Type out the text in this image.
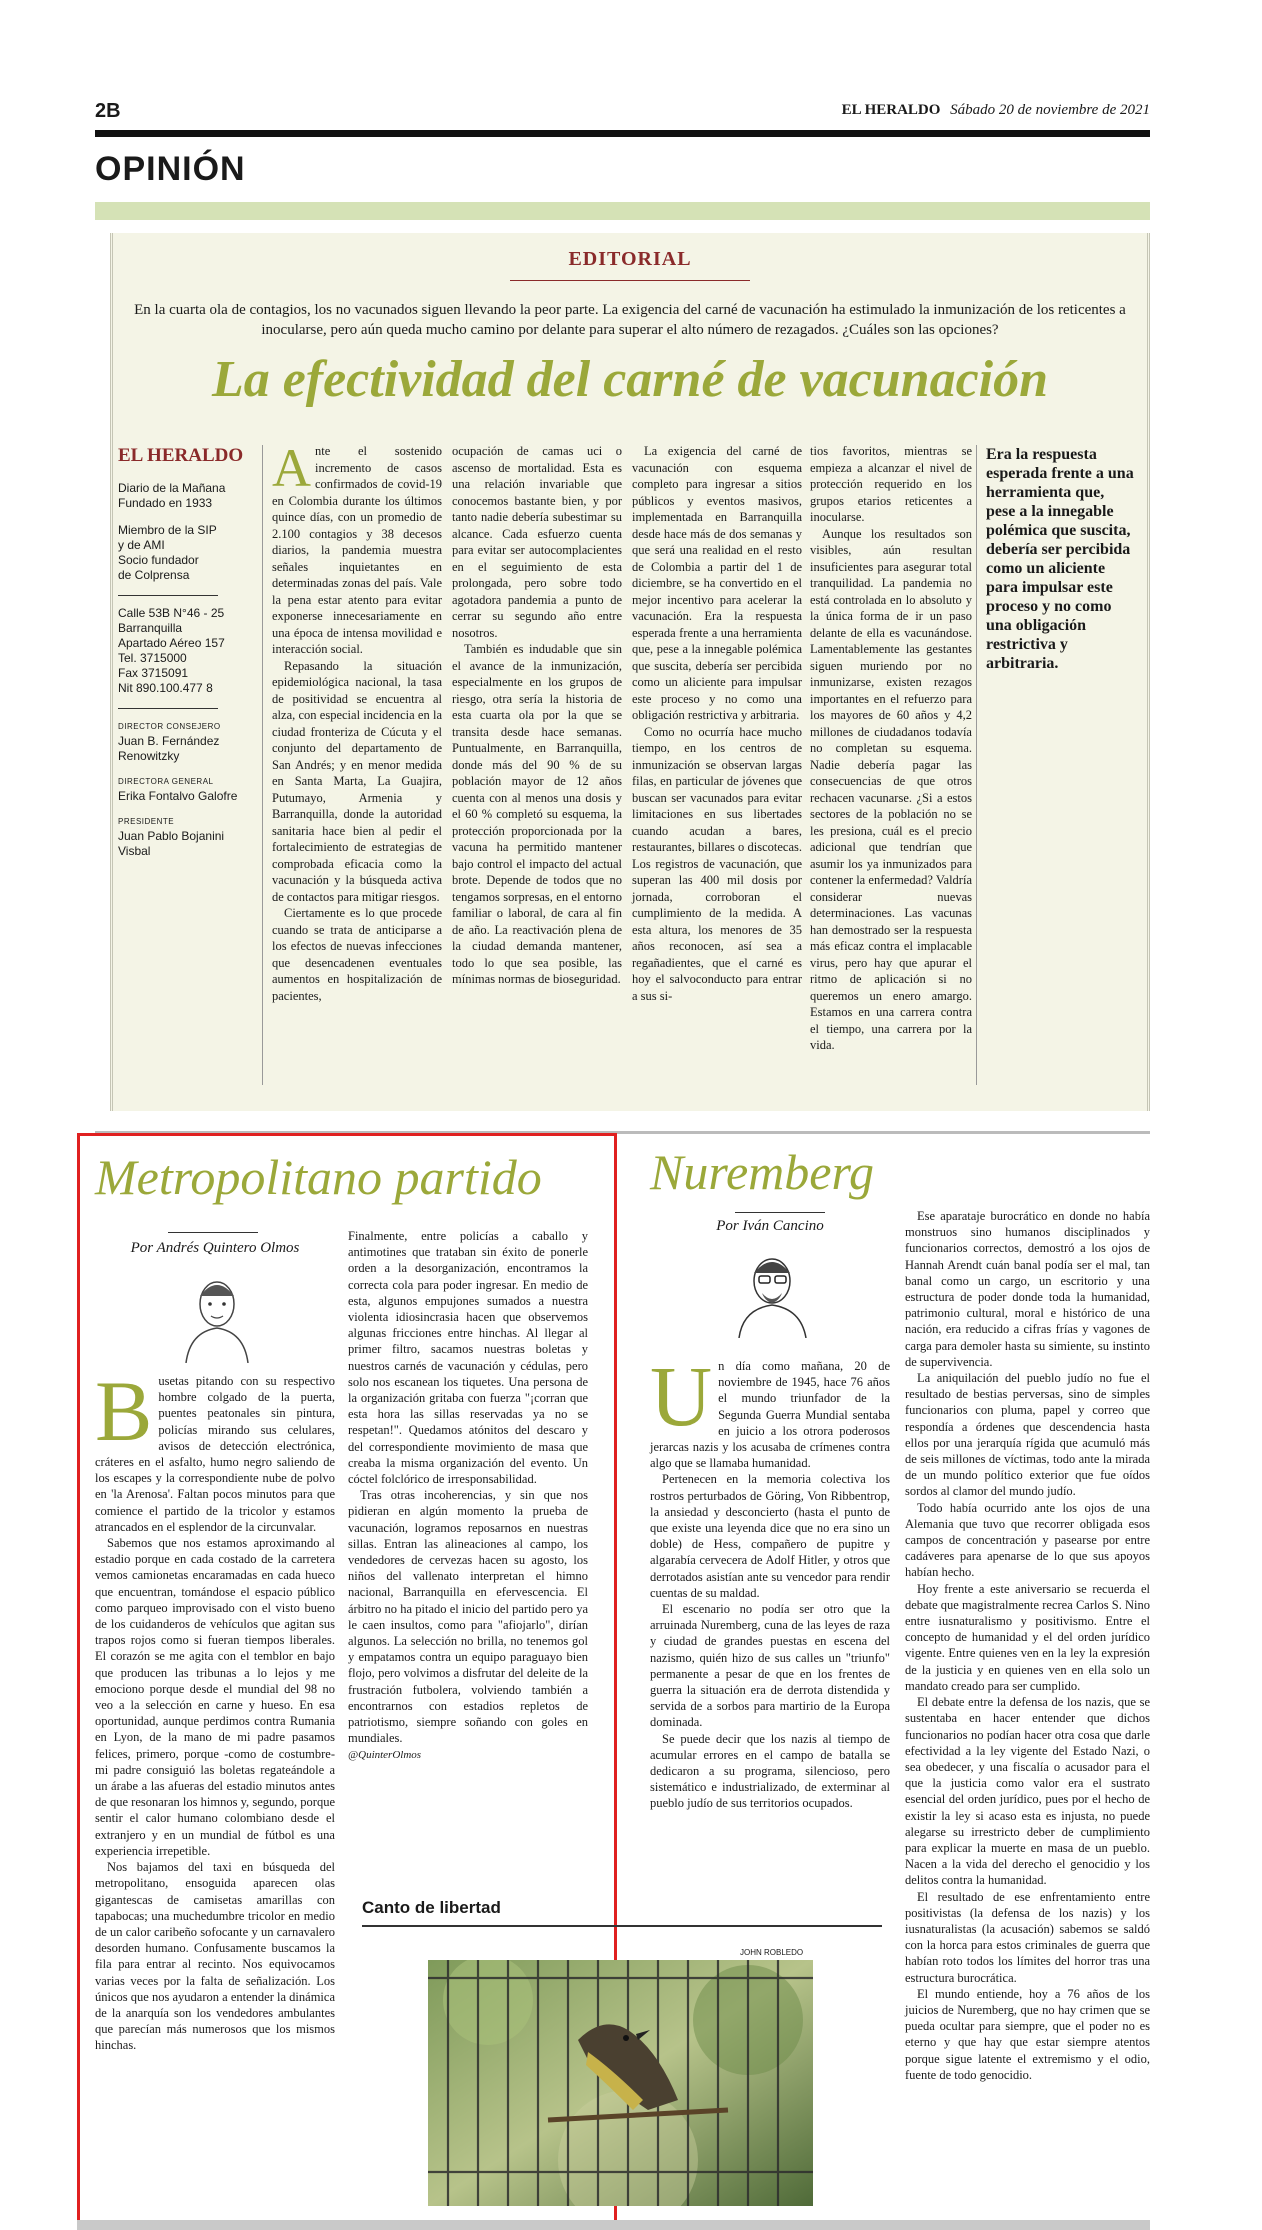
2B	EL HERALDO Sábado 20 de noviembre de 2021
OPINIÓN
EDITORIAL
En la cuarta ola de contagios, los no vacunados siguen llevando la peor parte. La exigencia del carné de vacunación ha estimulado la inmunización de los reticentes a inocularse, pero aún queda mucho camino por delante para superar el alto número de rezagados. ¿Cuáles son las opciones?
La efectividad del carné de vacunación
EL HERALDO

Diario de la Mañana
Fundado en 1933

Miembro de la SIP
y de AMI
Socio fundador
de Colprensa

Calle 53B N°46 - 25
Barranquilla
Apartado Aéreo 157
Tel. 3715000
Fax 3715091
Nit 890.100.477 8

DIRECTOR CONSEJERO
Juan B. Fernández Renowitzky
DIRECTORA GENERAL
Erika Fontalvo Galofre
PRESIDENTE
Juan Pablo Bojanini Visbal

Ante el sostenido incremento de casos confirmados de covid-19 en Colombia durante los últimos quince días, con un promedio de 2.100 contagios y 38 decesos diarios, la pandemia muestra señales inquietantes en determinadas zonas del país. Vale la pena estar atento para evitar exponerse innecesariamente en una época de intensa movilidad e interacción social.

Repasando la situación epidemiológica nacional, la tasa de positividad se encuentra al alza, con especial incidencia en la ciudad fronteriza de Cúcuta y el conjunto del departamento de San Andrés; y en menor medida en Santa Marta, La Guajira, Putumayo, Armenia y Barranquilla, donde la autoridad sanitaria hace bien al pedir el fortalecimiento de estrategias de comprobada eficacia como la vacunación y la búsqueda activa de contactos para mitigar riesgos.

Ciertamente es lo que procede cuando se trata de anticiparse a los efectos de nuevas infecciones que desencadenen eventuales aumentos en hospitalización de pacientes,

ocupación de camas uci o ascenso de mortalidad. Esta es una relación invariable que conocemos bastante bien, y por tanto nadie debería subestimar su alcance. Cada esfuerzo cuenta para evitar ser autocomplacientes en el seguimiento de esta prolongada, pero sobre todo agotadora pandemia a punto de cerrar su segundo año entre nosotros.

También es indudable que sin el avance de la inmunización, especialmente en los grupos de riesgo, otra sería la historia de esta cuarta ola por la que se transita desde hace semanas. Puntualmente, en Barranquilla, donde más del 90 % de su población mayor de 12 años cuenta con al menos una dosis y el 60 % completó su esquema, la protección proporcionada por la vacuna ha permitido mantener bajo control el impacto del actual brote. Depende de todos que no tengamos sorpresas, en el entorno familiar o laboral, de cara al fin de año. La reactivación plena de la ciudad demanda mantener, todo lo que sea posible, las mínimas normas de bioseguridad.

La exigencia del carné de vacunación con esquema completo para ingresar a sitios públicos y eventos masivos, implementada en Barranquilla desde hace más de dos semanas y que será una realidad en el resto de Colombia a partir del 1 de diciembre, se ha convertido en el mejor incentivo para acelerar la vacunación. Era la respuesta esperada frente a una herramienta que, pese a la innegable polémica que suscita, debería ser percibida como un aliciente para impulsar este proceso y no como una obligación restrictiva y arbitraria.

Como no ocurría hace mucho tiempo, en los centros de inmunización se observan largas filas, en particular de jóvenes que buscan ser vacunados para evitar limitaciones en sus libertades cuando acudan a bares, restaurantes, billares o discotecas. Los registros de vacunación, que superan las 400 mil dosis por jornada, corroboran el cumplimiento de la medida. A esta altura, los menores de 35 años reconocen, así sea a regañadientes, que el carné es hoy el salvoconducto para entrar a sus si-

tios favoritos, mientras se empieza a alcanzar el nivel de protección requerido en los grupos etarios reticentes a inocularse.

Aunque los resultados son visibles, aún resultan insuficientes para asegurar total tranquilidad. La pandemia no está controlada en lo absoluto y la única forma de ir un paso delante de ella es vacunándose. Lamentablemente las gestantes siguen muriendo por no inmunizarse, existen rezagos importantes en el refuerzo para los mayores de 60 años y 4,2 millones de ciudadanos todavía no completan su esquema. Nadie debería pagar las consecuencias de que otros rechacen vacunarse. ¿Si a estos sectores de la población no se les presiona, cuál es el precio adicional que tendrían que asumir los ya inmunizados para contener la enfermedad? Valdría considerar nuevas determinaciones. Las vacunas han demostrado ser la respuesta más eficaz contra el implacable virus, pero hay que apurar el ritmo de aplicación si no queremos un enero amargo. Estamos en una carrera contra el tiempo, una carrera por la vida.

Era la respuesta esperada frente a una herramienta que, pese a la innegable polémica que suscita, debería ser percibida como un aliciente para impulsar este proceso y no como una obligación restrictiva y arbitraria.
Metropolitano partido
Por Andrés Quintero Olmos

Busetas pitando con su respectivo hombre colgado de la puerta, puentes peatonales sin pintura, policías mirando sus celulares, avisos de detección electrónica, cráteres en el asfalto, humo negro saliendo de los escapes y la correspondiente nube de polvo en 'la Arenosa'. Faltan pocos minutos para que comience el partido de la tricolor y estamos atrancados en el esplendor de la circunvalar.

Sabemos que nos estamos aproximando al estadio porque en cada costado de la carretera vemos camionetas encaramadas en cada hueco que encuentran, tomándose el espacio público como parqueo improvisado con el visto bueno de los cuidanderos de vehículos que agitan sus trapos rojos como si fueran tiempos liberales. El corazón se me agita con el temblor en bajo que producen las tribunas a lo lejos y me emociono porque desde el mundial del 98 no veo a la selección en carne y hueso. En esa oportunidad, aunque perdimos contra Rumania en Lyon, de la mano de mi padre pasamos felices, primero, porque -como de costumbre- mi padre consiguió las boletas regateándole a un árabe a las afueras del estadio minutos antes de que resonaran los himnos y, segundo, porque sentir el calor humano colombiano desde el extranjero y en un mundial de fútbol es una experiencia irrepetible.

Nos bajamos del taxi en búsqueda del metropolitano, ensoguida aparecen olas gigantescas de camisetas amarillas con tapabocas; una muchedumbre tricolor en medio de un calor caribeño sofocante y un carnavalero desorden humano. Confusamente buscamos la fila para entrar al recinto. Nos equivocamos varias veces por la falta de señalización. Los únicos que nos ayudaron a entender la dinámica de la anarquía son los vendedores ambulantes que parecían más numerosos que los mismos hinchas.

Finalmente, entre policías a caballo y antimotines que trataban sin éxito de ponerle orden a la desorganización, encontramos la correcta cola para poder ingresar. En medio de esta, algunos empujones sumados a nuestra violenta idiosincrasia hacen que observemos algunas fricciones entre hinchas. Al llegar al primer filtro, sacamos nuestras boletas y nuestros carnés de vacunación y cédulas, pero solo nos escanean los tiquetes. Una persona de la organización gritaba con fuerza "¡corran que esta hora las sillas reservadas ya no se respetan!". Quedamos atónitos del descaro y del correspondiente movimiento de masa que creaba la misma organización del evento. Un cóctel folclórico de irresponsabilidad.

Tras otras incoherencias, y sin que nos pidieran en algún momento la prueba de vacunación, logramos reposarnos en nuestras sillas. Entran las alineaciones al campo, los vendedores de cervezas hacen su agosto, los niños del vallenato interpretan el himno nacional, Barranquilla en efervescencia. El árbitro no ha pitado el inicio del partido pero ya le caen insultos, como para "afiojarlo", dirían algunos. La selección no brilla, no tenemos gol y empatamos contra un equipo paraguayo bien flojo, pero volvimos a disfrutar del deleite de la frustración futbolera, volviendo también a encontrarnos con estadios repletos de patriotismo, siempre soñando con goles en mundiales.

@QuinterOlmos

Canto de libertad
JOHN ROBLEDO
Nuremberg
Por Iván Cancino

Un día como mañana, 20 de noviembre de 1945, hace 76 años el mundo triunfador de la Segunda Guerra Mundial sentaba en juicio a los otrora poderosos jerarcas nazis y los acusaba de crímenes contra algo que se llamaba humanidad.

Pertenecen en la memoria colectiva los rostros perturbados de Göring, Von Ribbentrop, la ansiedad y desconcierto (hasta el punto de que existe una leyenda dice que no era sino un doble) de Hess, compañero de pupitre y algarabía cervecera de Adolf Hitler, y otros que derrotados asistían ante su vencedor para rendir cuentas de su maldad.

El escenario no podía ser otro que la arruinada Nuremberg, cuna de las leyes de raza y ciudad de grandes puestas en escena del nazismo, quién hizo de sus calles un "triunfo" permanente a pesar de que en los frentes de guerra la situación era de derrota distendida y servida de a sorbos para martirio de la Europa dominada.

Se puede decir que los nazis al tiempo de acumular errores en el campo de batalla se dedicaron a su programa, silencioso, pero sistemático e industrializado, de exterminar al pueblo judío de sus territorios ocupados.

Ese aparataje burocrático en donde no había monstruos sino humanos disciplinados y funcionarios correctos, demostró a los ojos de Hannah Arendt cuán banal podía ser el mal, tan banal como un cargo, un escritorio y una estructura de poder donde toda la humanidad, patrimonio cultural, moral e histórico de una nación, era reducido a cifras frías y vagones de carga para demoler hasta su simiente, su instinto de supervivencia.

La aniquilación del pueblo judío no fue el resultado de bestias perversas, sino de simples funcionarios con pluma, papel y correo que respondía a órdenes que descendencia hasta ellos por una jerarquía rígida que acumuló más de seis millones de víctimas, todo ante la mirada de un mundo político exterior que fue oídos sordos al clamor del mundo judío.

Todo había ocurrido ante los ojos de una Alemania que tuvo que recorrer obligada esos campos de concentración y pasearse por entre cadáveres para apenarse de lo que sus apoyos habían hecho.

Hoy frente a este aniversario se recuerda el debate que magistralmente recrea Carlos S. Nino entre iusnaturalismo y positivismo. Entre el concepto de humanidad y el del orden jurídico vigente. Entre quienes ven en la ley la expresión de la justicia y en quienes ven en ella solo un mandato creado para ser cumplido.

El debate entre la defensa de los nazis, que se sustentaba en hacer entender que dichos funcionarios no podían hacer otra cosa que darle efectividad a la ley vigente del Estado Nazi, o sea obedecer, y una fiscalía o acusador para el que la justicia como valor era el sustrato esencial del orden jurídico, pues por el hecho de existir la ley si acaso esta es injusta, no puede alegarse su irrestricto deber de cumplimiento para explicar la muerte en masa de un pueblo. Nacen a la vida del derecho el genocidio y los delitos contra la humanidad.

El resultado de ese enfrentamiento entre positivistas (la defensa de los nazis) y los iusnaturalistas (la acusación) sabemos se saldó con la horca para estos criminales de guerra que habían roto todos los límites del horror tras una estructura burocrática.

El mundo entiende, hoy a 76 años de los juicios de Nuremberg, que no hay crimen que se pueda ocultar para siempre, que el poder no es eterno y que hay que estar siempre atentos porque sigue latente el extremismo y el odio, fuente de todo genocidio.
